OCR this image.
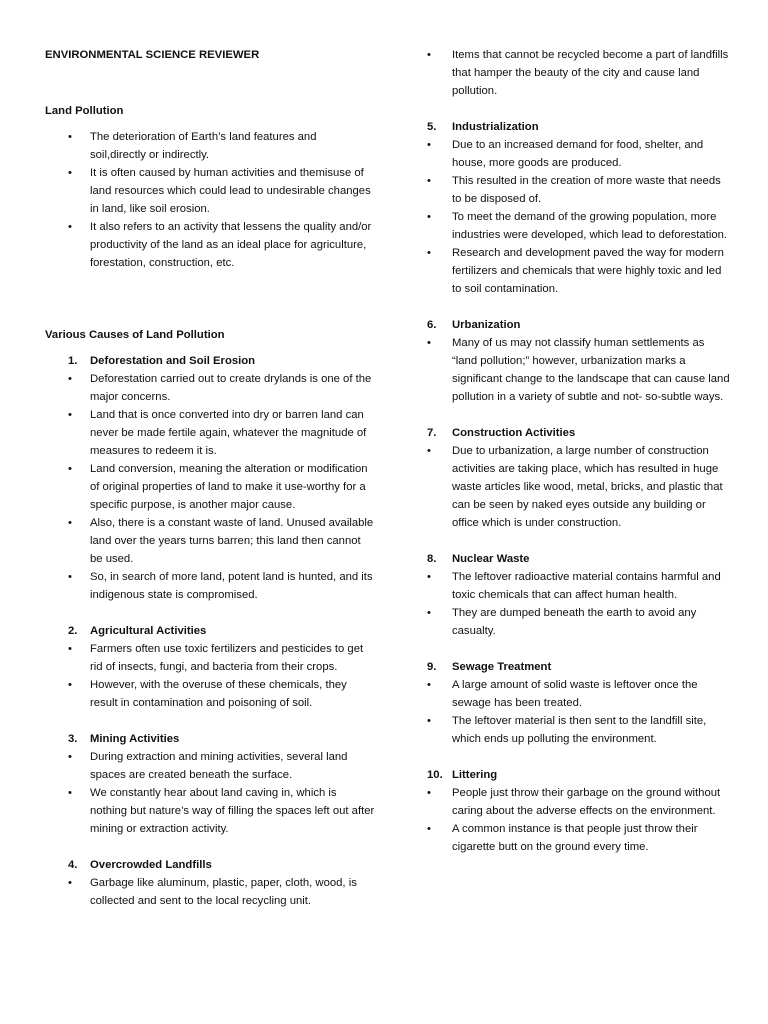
ENVIRONMENTAL SCIENCE REVIEWER
Land Pollution
• The deterioration of Earth’s land features and soil,directly or indirectly.
• It is often caused by human activities and themisuse of land resources which could lead to undesirable changes in land, like soil erosion.
• It also refers to an activity that lessens the quality and/or productivity of the land as an ideal place for agriculture, forestation, construction, etc.
Various Causes of Land Pollution
1. Deforestation and Soil Erosion
• Deforestation carried out to create drylands is one of the major concerns.
• Land that is once converted into dry or barren land can never be made fertile again, whatever the magnitude of measures to redeem it is.
• Land conversion, meaning the alteration or modification of original properties of land to make it use-worthy for a specific purpose, is another major cause.
• Also, there is a constant waste of land. Unused available land over the years turns barren; this land then cannot be used.
• So, in search of more land, potent land is hunted, and its indigenous state is compromised.
2. Agricultural Activities
• Farmers often use toxic fertilizers and pesticides to get rid of insects, fungi, and bacteria from their crops.
• However, with the overuse of these chemicals, they result in contamination and poisoning of soil.
3. Mining Activities
• During extraction and mining activities, several land spaces are created beneath the surface.
• We constantly hear about land caving in, which is nothing but nature’s way of filling the spaces left out after mining or extraction activity.
4. Overcrowded Landfills
• Garbage like aluminum, plastic, paper, cloth, wood, is collected and sent to the local recycling unit.
• Items that cannot be recycled become a part of landfills that hamper the beauty of the city and cause land pollution.
5. Industrialization
• Due to an increased demand for food, shelter, and house, more goods are produced.
• This resulted in the creation of more waste that needs to be disposed of.
• To meet the demand of the growing population, more industries were developed, which lead to deforestation.
• Research and development paved the way for modern fertilizers and chemicals that were highly toxic and led to soil contamination.
6. Urbanization
• Many of us may not classify human settlements as “land pollution;” however, urbanization marks a significant change to the landscape that can cause land pollution in a variety of subtle and not- so-subtle ways.
7. Construction Activities
• Due to urbanization, a large number of construction activities are taking place, which has resulted in huge waste articles like wood, metal, bricks, and plastic that can be seen by naked eyes outside any building or office which is under construction.
8. Nuclear Waste
• The leftover radioactive material contains harmful and toxic chemicals that can affect human health.
• They are dumped beneath the earth to avoid any casualty.
9. Sewage Treatment
• A large amount of solid waste is leftover once the sewage has been treated.
• The leftover material is then sent to the landfill site, which ends up polluting the environment.
10. Littering
• People just throw their garbage on the ground without caring about the adverse effects on the environment.
• A common instance is that people just throw their cigarette butt on the ground every time.
